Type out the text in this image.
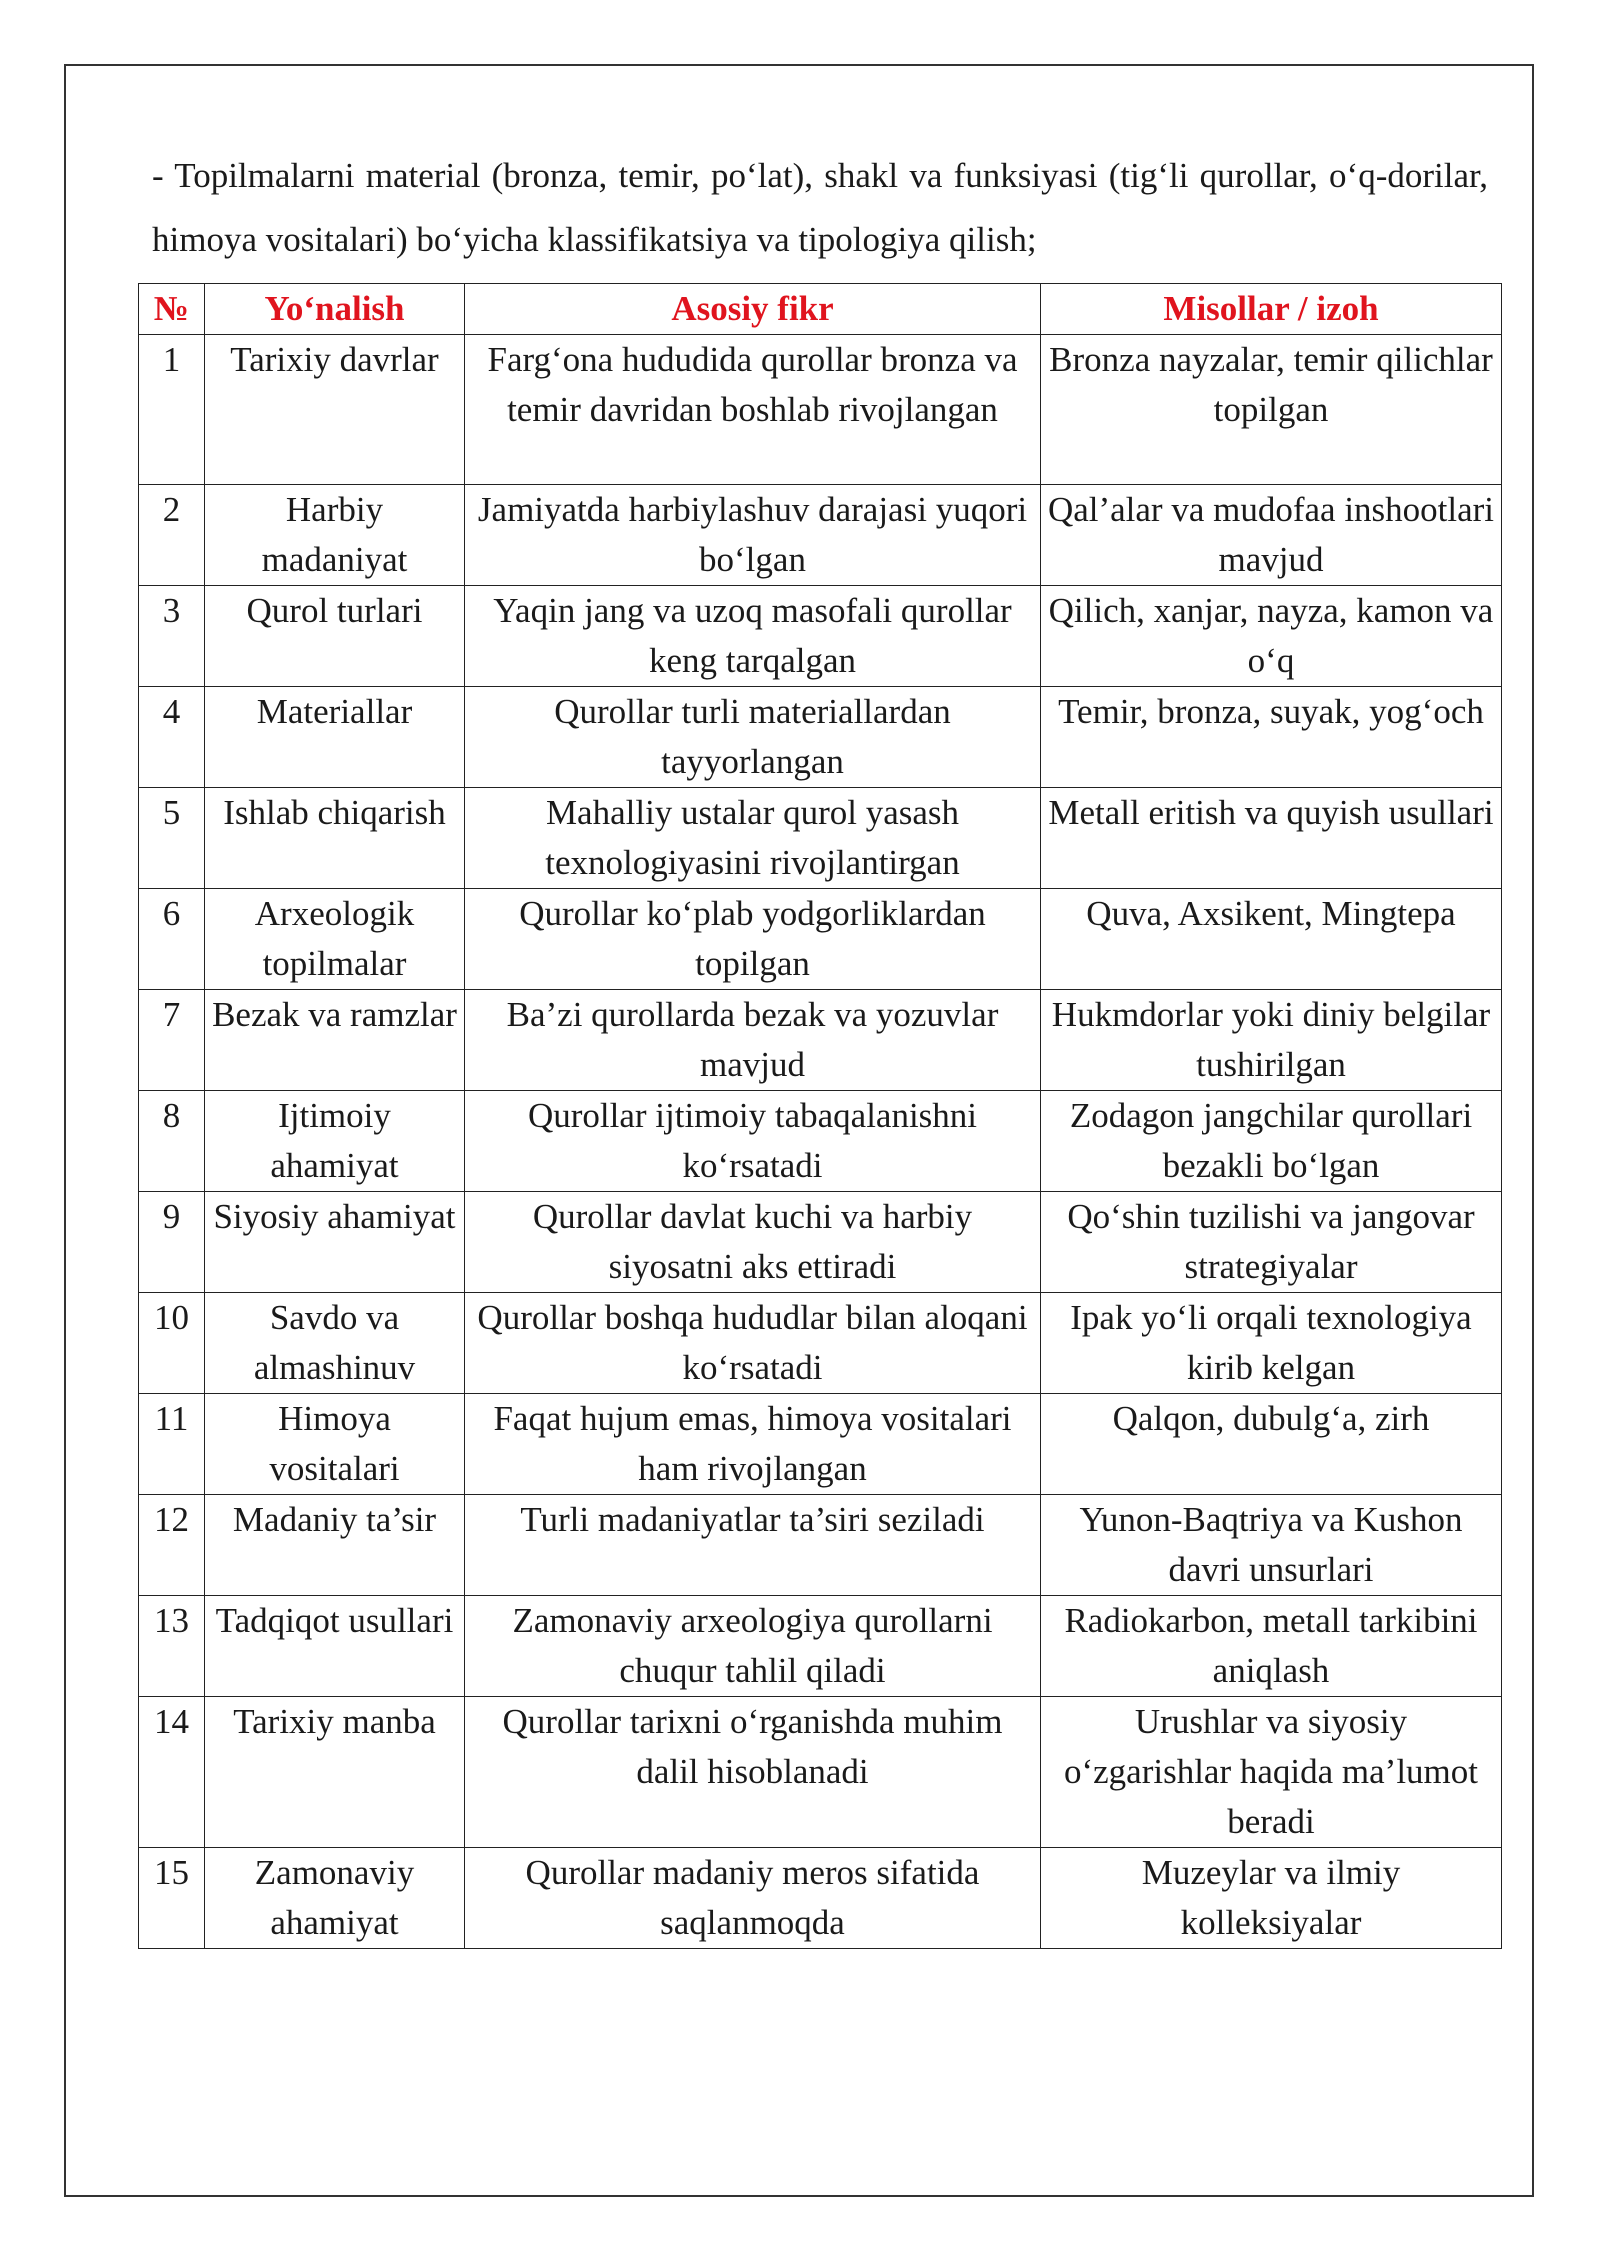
- Topilmalarni material (bronza, temir, po‘lat), shakl va funksiyasi (tig‘li qurollar, o‘q-dorilar, himoya vositalari) bo‘yicha klassifikatsiya va tipologiya qilish;

№	Yo‘nalish	Asosiy fikr	Misollar / izoh
1	Tarixiy davrlar	Farg‘ona hududida qurollar bronza va temir davridan boshlab rivojlangan	Bronza nayzalar, temir qilichlar topilgan
2	Harbiy madaniyat	Jamiyatda harbiylashuv darajasi yuqori bo‘lgan	Qal’alar va mudofaa inshootlari mavjud
3	Qurol turlari	Yaqin jang va uzoq masofali qurollar keng tarqalgan	Qilich, xanjar, nayza, kamon va o‘q
4	Materiallar	Qurollar turli materiallardan tayyorlangan	Temir, bronza, suyak, yog‘och
5	Ishlab chiqarish	Mahalliy ustalar qurol yasash texnologiyasini rivojlantirgan	Metall eritish va quyish usullari
6	Arxeologik topilmalar	Qurollar ko‘plab yodgorliklardan topilgan	Quva, Axsikent, Mingtepa
7	Bezak va ramzlar	Ba’zi qurollarda bezak va yozuvlar mavjud	Hukmdorlar yoki diniy belgilar tushirilgan
8	Ijtimoiy ahamiyat	Qurollar ijtimoiy tabaqalanishni ko‘rsatadi	Zodagon jangchilar qurollari bezakli bo‘lgan
9	Siyosiy ahamiyat	Qurollar davlat kuchi va harbiy siyosatni aks ettiradi	Qo‘shin tuzilishi va jangovar strategiyalar
10	Savdo va almashinuv	Qurollar boshqa hududlar bilan aloqani ko‘rsatadi	Ipak yo‘li orqali texnologiya kirib kelgan
11	Himoya vositalari	Faqat hujum emas, himoya vositalari ham rivojlangan	Qalqon, dubulg‘a, zirh
12	Madaniy ta’sir	Turli madaniyatlar ta’siri seziladi	Yunon-Baqtriya va Kushon davri unsurlari
13	Tadqiqot usullari	Zamonaviy arxeologiya qurollarni chuqur tahlil qiladi	Radiokarbon, metall tarkibini aniqlash
14	Tarixiy manba	Qurollar tarixni o‘rganishda muhim dalil hisoblanadi	Urushlar va siyosiy o‘zgarishlar haqida ma’lumot beradi
15	Zamonaviy ahamiyat	Qurollar madaniy meros sifatida saqlanmoqda	Muzeylar va ilmiy kolleksiyalar
